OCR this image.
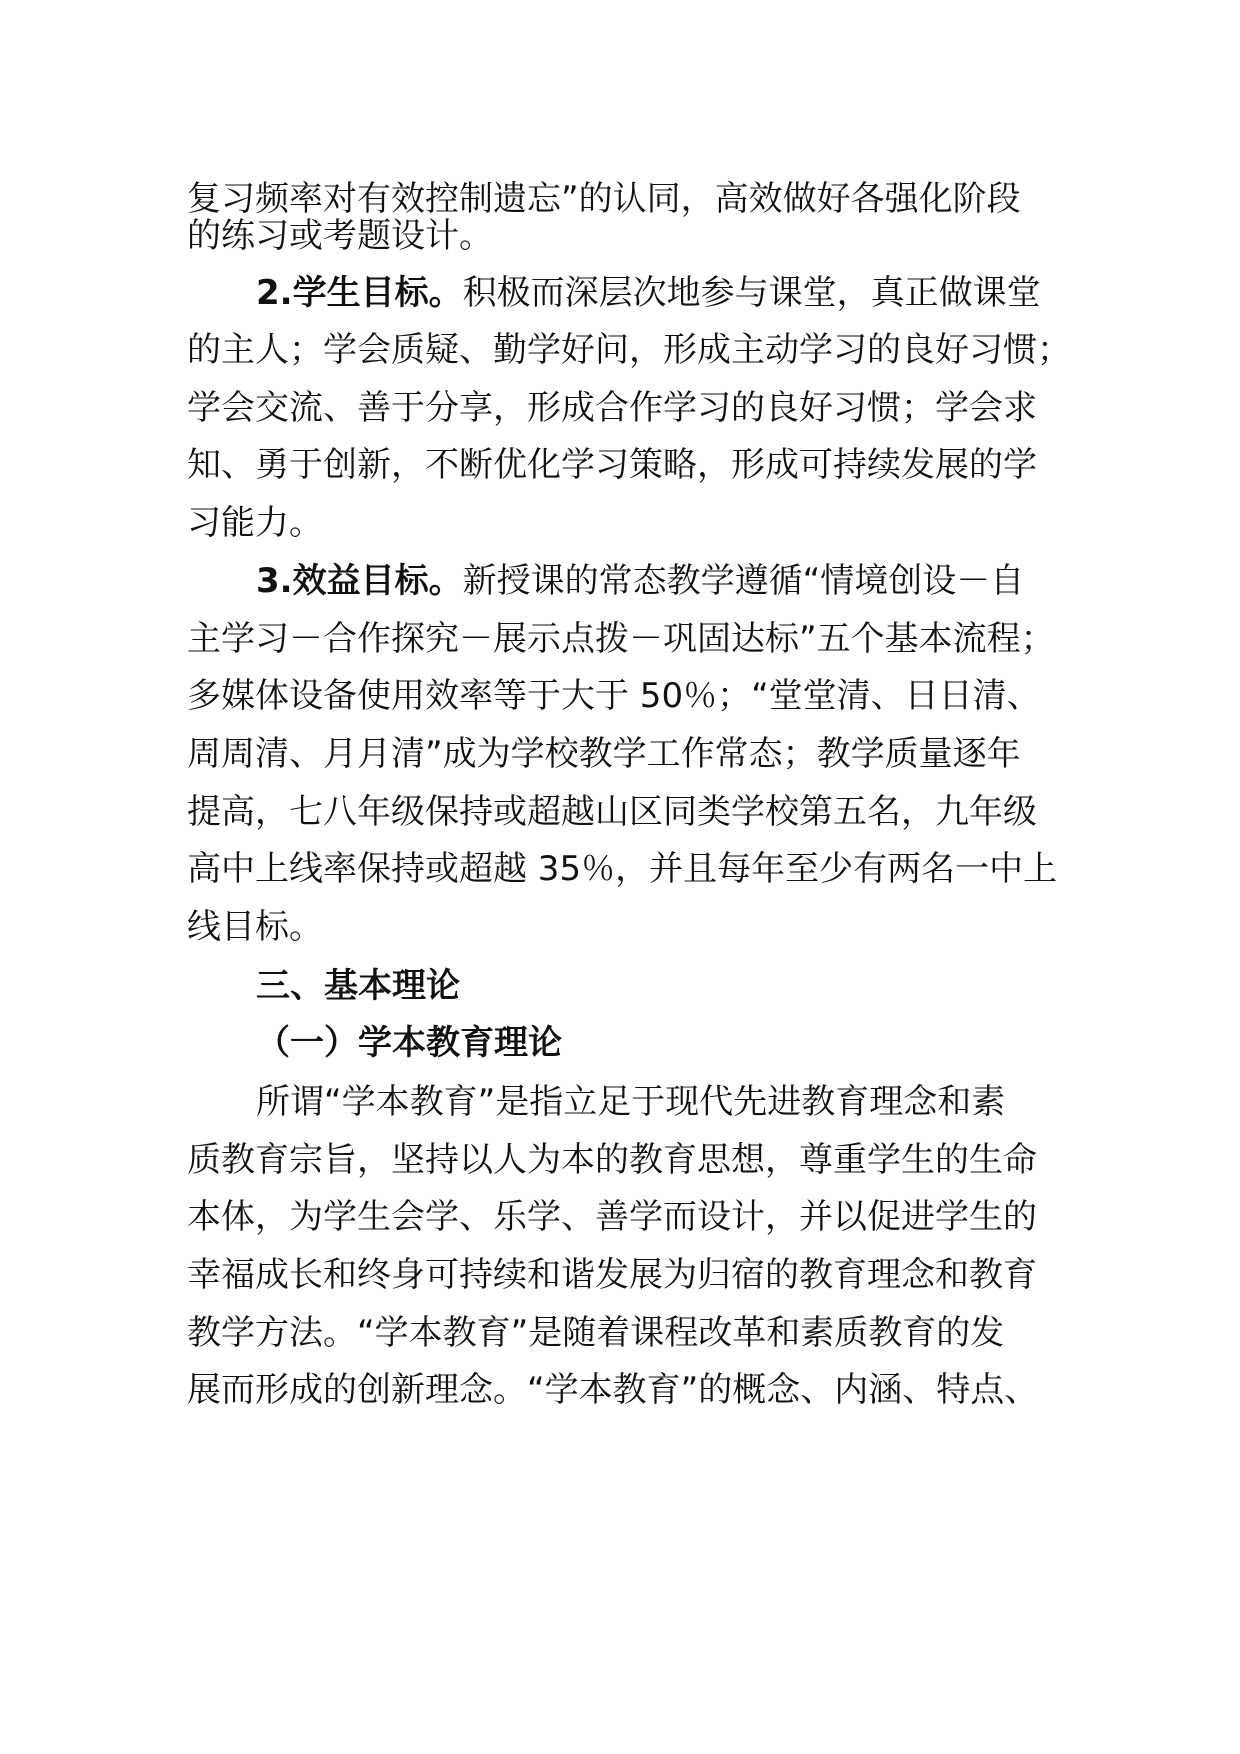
复习频率对有效控制遗忘”的认同，高效做好各强化阶段

的练习或考题设计。

2.学生目标。积极而深层次地参与课堂，真正做课堂

的主人；学会质疑、勤学好问，形成主动学习的良好习惯；

学会交流、善于分享，形成合作学习的良好习惯；学会求

知、勇于创新，不断优化学习策略，形成可持续发展的学

习能力。

3.效益目标。新授课的常态教学遵循“情境创设－自

主学习－合作探究－展示点拨－巩固达标”五个基本流程；

多媒体设备使用效率等于大于 50％；“堂堂清、日日清、

周周清、月月清”成为学校教学工作常态；教学质量逐年

提高，七八年级保持或超越山区同类学校第五名，九年级

高中上线率保持或超越 35％，并且每年至少有两名一中上

线目标。

三、基本理论

（一）学本教育理论

所谓“学本教育”是指立足于现代先进教育理念和素

质教育宗旨，坚持以人为本的教育思想，尊重学生的生命

本体，为学生会学、乐学、善学而设计，并以促进学生的

幸福成长和终身可持续和谐发展为归宿的教育理念和教育

教学方法。“学本教育”是随着课程改革和素质教育的发

展而形成的创新理念。“学本教育”的概念、内涵、特点、
